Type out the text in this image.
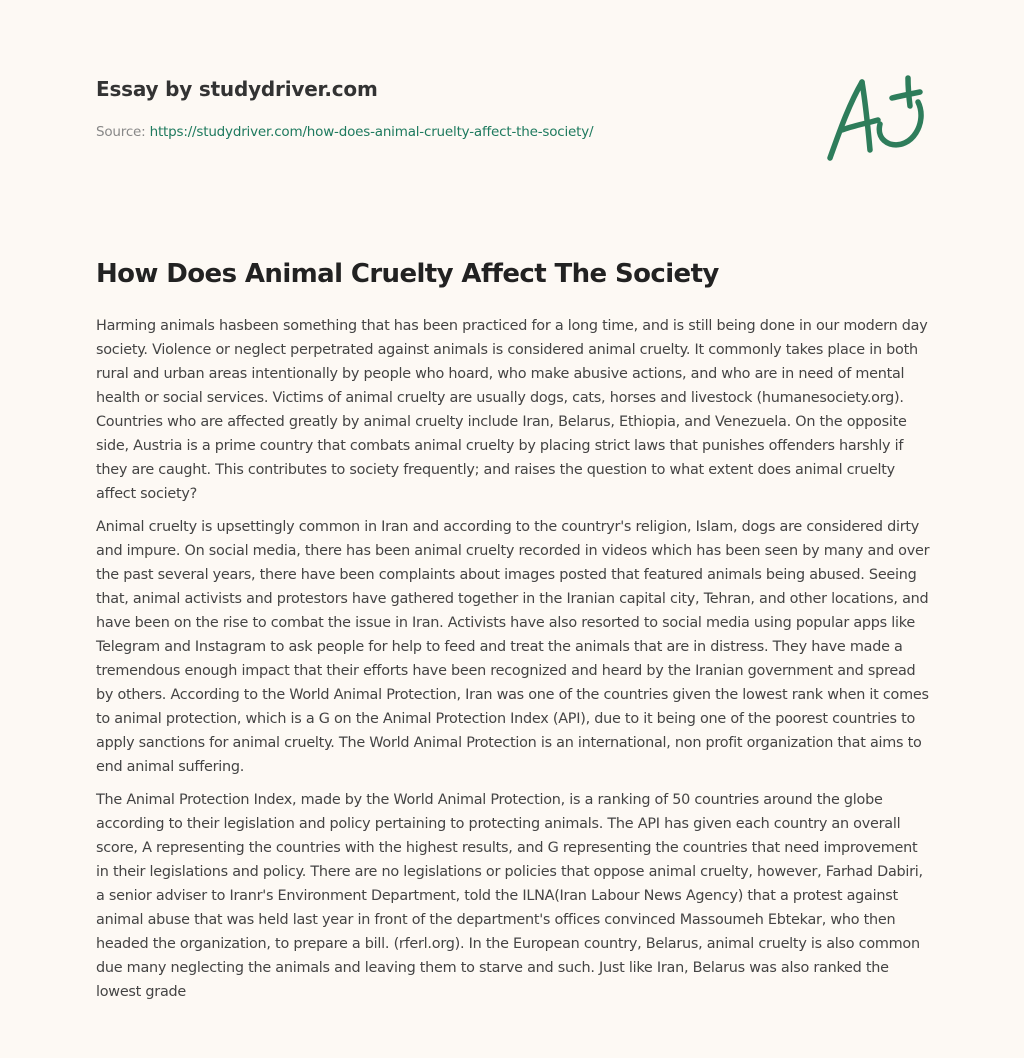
Essay by studydriver.com
Source: https://studydriver.com/how-does-animal-cruelty-affect-the-society/
How Does Animal Cruelty Affect The Society

Harming animals hasbeen something that has been practiced for a long time, and is still being done in our modern day society. Violence or neglect perpetrated against animals is considered animal cruelty. It commonly takes place in both rural and urban areas intentionally by people who hoard, who make abusive actions, and who are in need of mental health or social services. Victims of animal cruelty are usually dogs, cats, horses and livestock (humanesociety.org). Countries who are affected greatly by animal cruelty include Iran, Belarus, Ethiopia, and Venezuela. On the opposite side, Austria is a prime country that combats animal cruelty by placing strict laws that punishes offenders harshly if they are caught. This contributes to society frequently; and raises the question to what extent does animal cruelty affect society?

Animal cruelty is upsettingly common in Iran and according to the countryr's religion, Islam, dogs are considered dirty and impure. On social media, there has been animal cruelty recorded in videos which has been seen by many and over the past several years, there have been complaints about images posted that featured animals being abused. Seeing that, animal activists and protestors have gathered together in the Iranian capital city, Tehran, and other locations, and have been on the rise to combat the issue in Iran. Activists have also resorted to social media using popular apps like Telegram and Instagram to ask people for help to feed and treat the animals that are in distress. They have made a tremendous enough impact that their efforts have been recognized and heard by the Iranian government and spread by others. According to the World Animal Protection, Iran was one of the countries given the lowest rank when it comes to animal protection, which is a G on the Animal Protection Index (API), due to it being one of the poorest countries to apply sanctions for animal cruelty. The World Animal Protection is an international, non profit organization that aims to end animal suffering.

The Animal Protection Index, made by the World Animal Protection, is a ranking of 50 countries around the globe according to their legislation and policy pertaining to protecting animals. The API has given each country an overall score, A representing the countries with the highest results, and G representing the countries that need improvement in their legislations and policy. There are no legislations or policies that oppose animal cruelty, however, Farhad Dabiri, a senior adviser to Iranr's Environment Department, told the ILNA(Iran Labour News Agency) that a protest against animal abuse that was held last year in front of the department's offices convinced Massoumeh Ebtekar, who then headed the organization, to prepare a bill. (rferl.org). In the European country, Belarus, animal cruelty is also common due many neglecting the animals and leaving them to starve and such. Just like Iran, Belarus was also ranked the lowest grade
